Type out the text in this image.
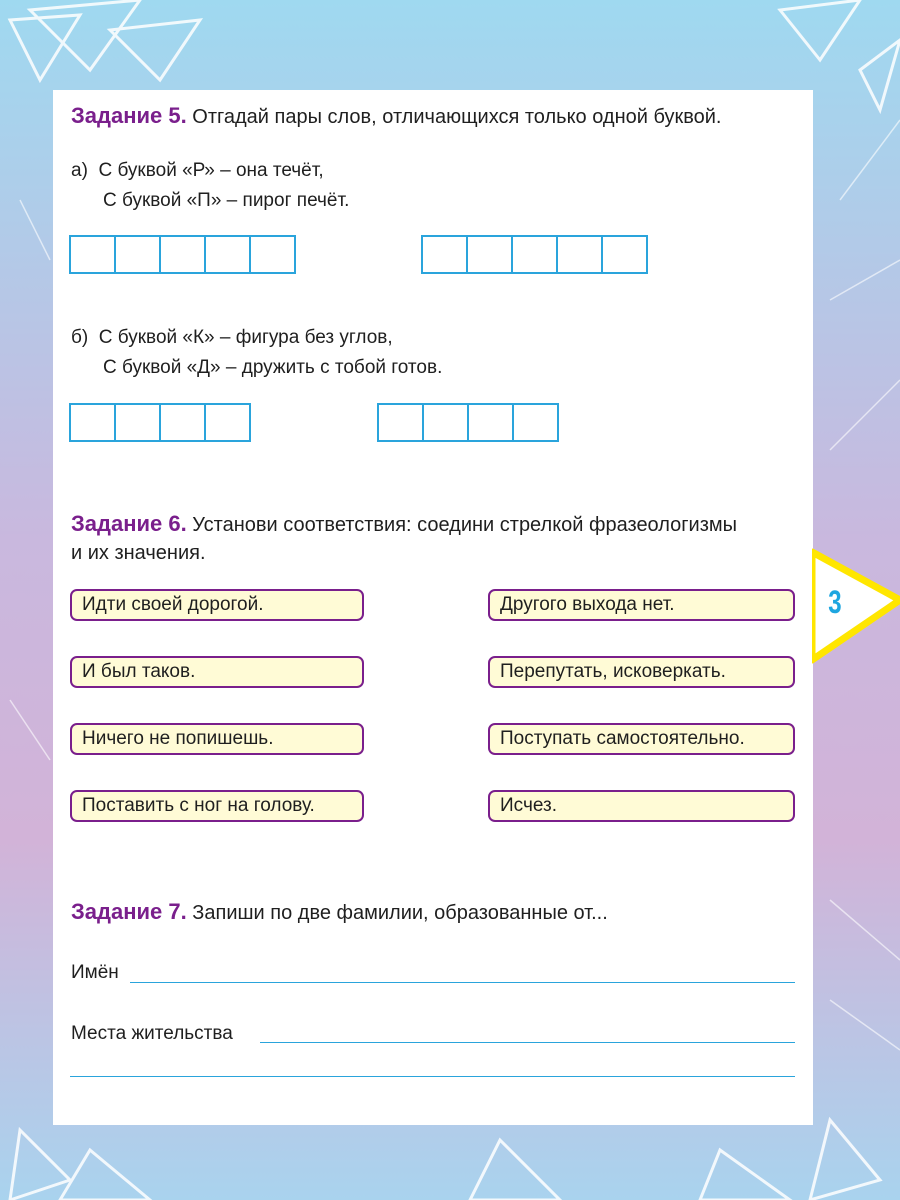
Задание 5. Отгадай пары слов, отличающихся только одной буквой.
а) С буквой «Р» – она течёт,
С буквой «П» – пирог печёт.
б) С буквой «К» – фигура без углов,
С буквой «Д» – дружить с тобой готов.
Задание 6. Установи соответствия: соедини стрелкой фразеологизмы
и их значения.
Идти своей дорогой.
И был таков.
Ничего не попишешь.
Поставить с ног на голову.
Другого выхода нет.
Перепутать, исковеркать.
Поступать самостоятельно.
Исчез.
Задание 7. Запиши по две фамилии, образованные от...
Имён
Места жительства
3
